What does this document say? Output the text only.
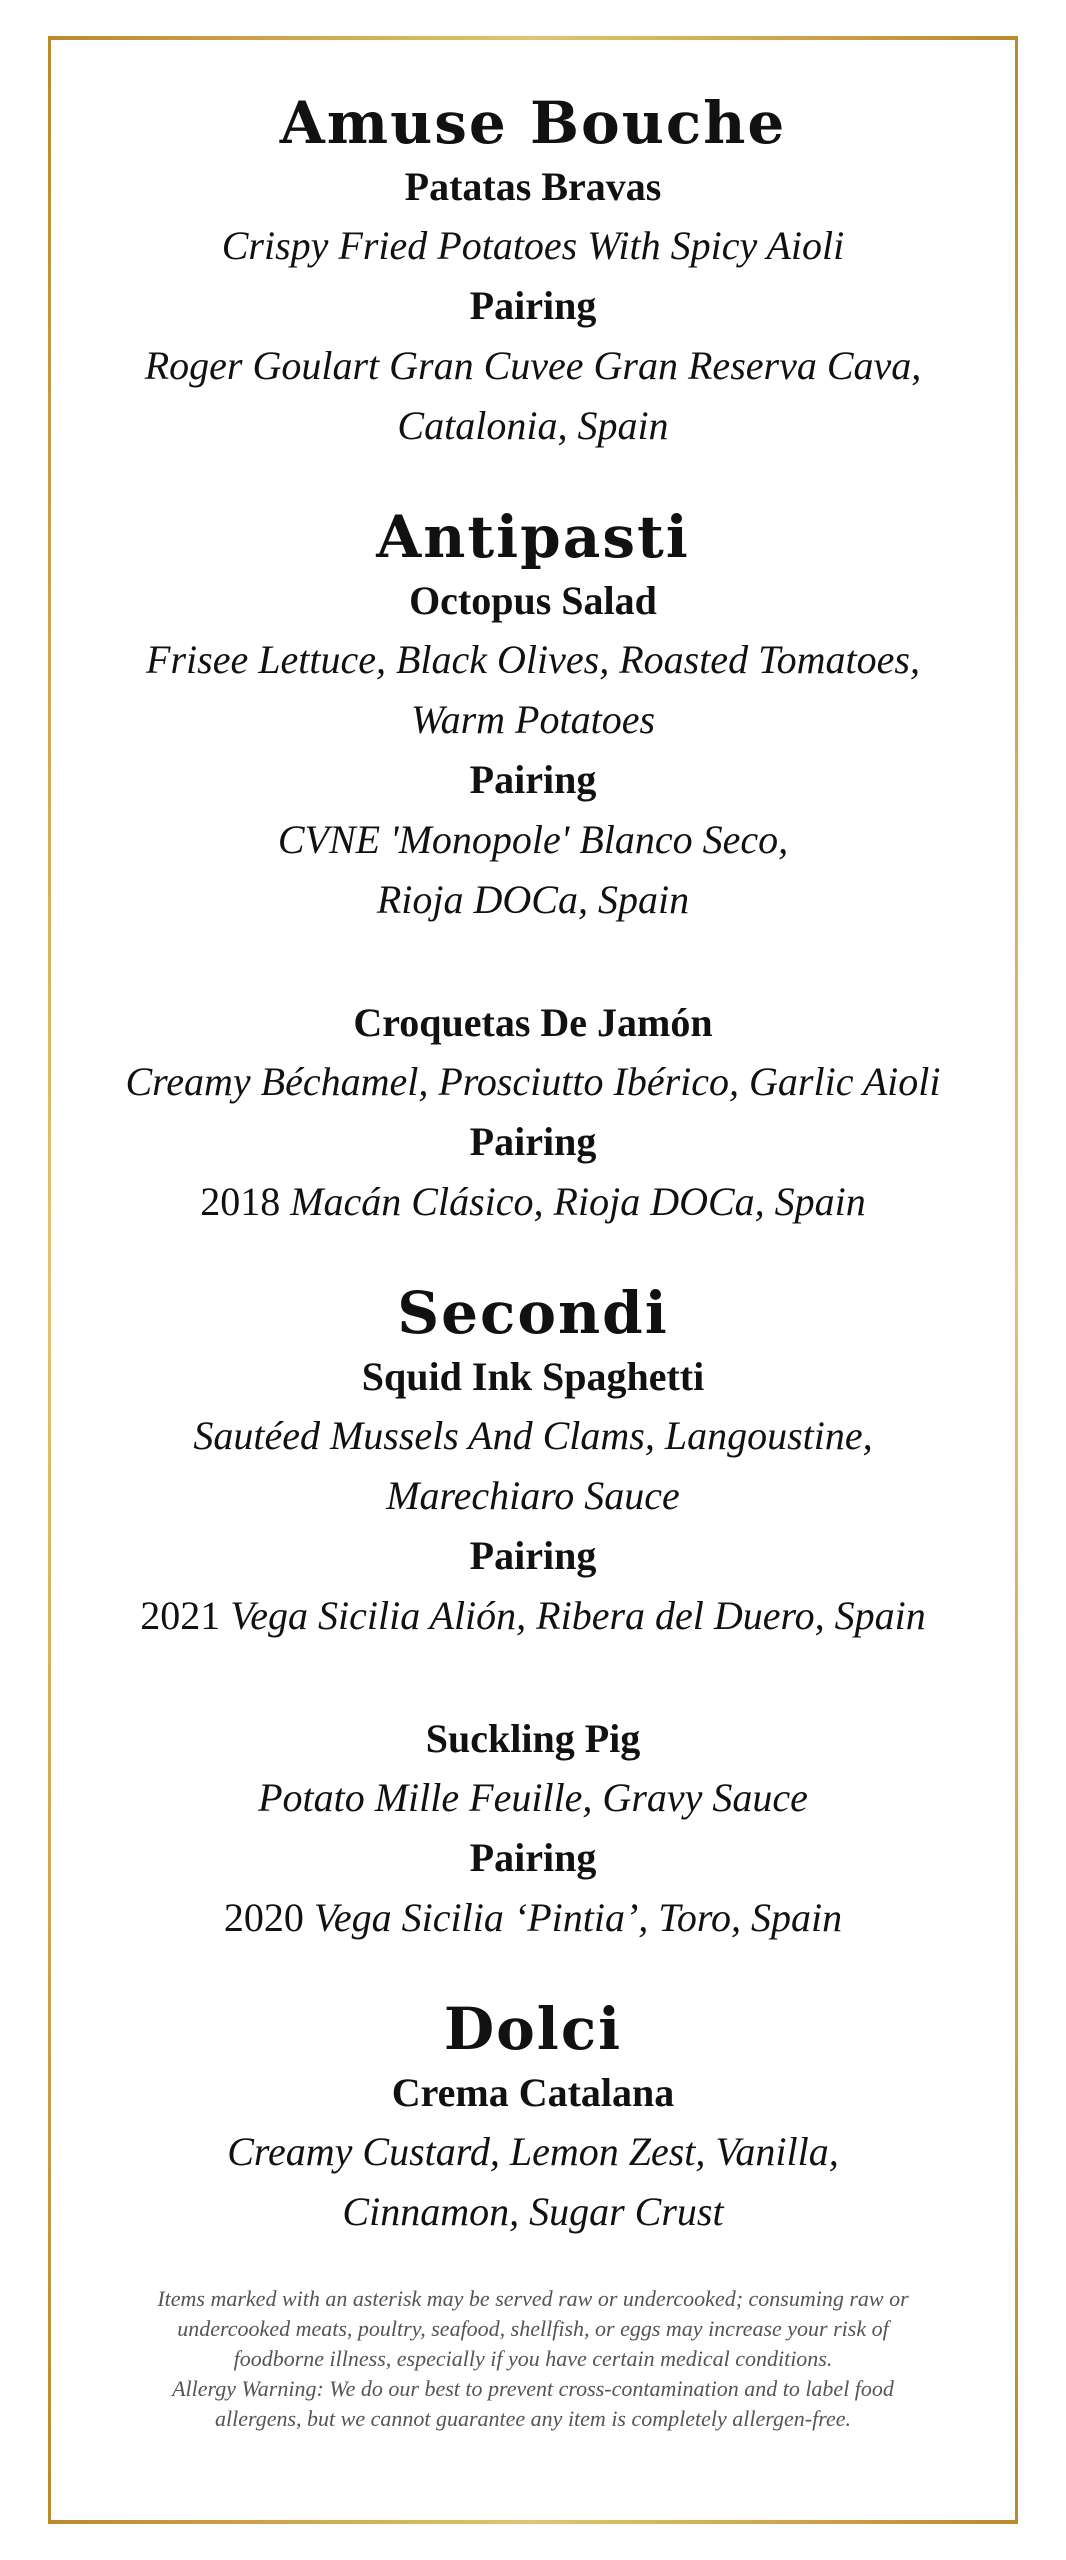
Amuse Bouche

Patatas Bravas

Crispy Fried Potatoes With Spicy Aioli

Pairing

Roger Goulart Gran Cuvee Gran Reserva Cava,

Catalonia, Spain

Antipasti

Octopus Salad

Frisee Lettuce, Black Olives, Roasted Tomatoes,

Warm Potatoes

Pairing

CVNE 'Monopole' Blanco Seco,

Rioja DOCa, Spain

Croquetas De Jamón

Creamy Béchamel, Prosciutto Ibérico, Garlic Aioli

Pairing

2018 Macán Clásico, Rioja DOCa, Spain

Secondi

Squid Ink Spaghetti

Sautéed Mussels And Clams, Langoustine,

Marechiaro Sauce

Pairing

2021 Vega Sicilia Alión, Ribera del Duero, Spain

Suckling Pig

Potato Mille Feuille, Gravy Sauce

Pairing

2020 Vega Sicilia ‘Pintia’, Toro, Spain

Dolci

Crema Catalana

Creamy Custard, Lemon Zest, Vanilla,

Cinnamon, Sugar Crust

Items marked with an asterisk may be served raw or undercooked; consuming raw or
undercooked meats, poultry, seafood, shellfish, or eggs may increase your risk of
foodborne illness, especially if you have certain medical conditions.
Allergy Warning: We do our best to prevent cross-contamination and to label food
allergens, but we cannot guarantee any item is completely allergen-free.
